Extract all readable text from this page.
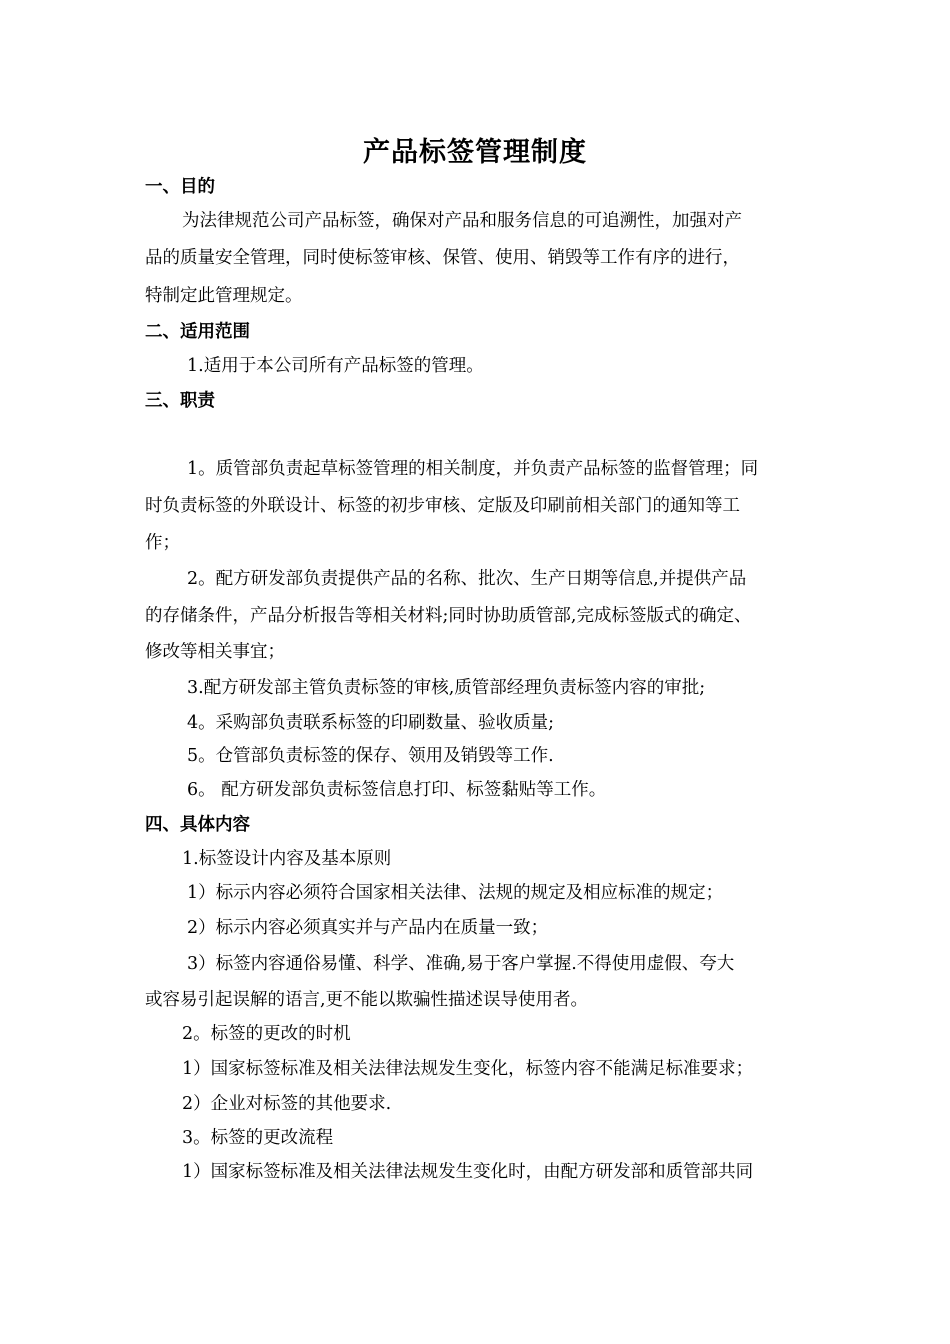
产品标签管理制度
一、目的
为法律规范公司产品标签，确保对产品和服务信息的可追溯性，加强对产
品的质量安全管理，同时使标签审核、保管、使用、销毁等工作有序的进行，
特制定此管理规定。
二、适用范围
1.适用于本公司所有产品标签的管理。
三、职责
1。质管部负责起草标签管理的相关制度，并负责产品标签的监督管理；同
时负责标签的外联设计、标签的初步审核、定版及印刷前相关部门的通知等工
作；
2。配方研发部负责提供产品的名称、批次、生产日期等信息,并提供产品
的存储条件，产品分析报告等相关材料;同时协助质管部,完成标签版式的确定、
修改等相关事宜；
3.配方研发部主管负责标签的审核,质管部经理负责标签内容的审批;
4。采购部负责联系标签的印刷数量、验收质量;
5。仓管部负责标签的保存、领用及销毁等工作.
6。 配方研发部负责标签信息打印、标签黏贴等工作。
四、具体内容
1.标签设计内容及基本原则
1）标示内容必须符合国家相关法律、法规的规定及相应标准的规定；
2）标示内容必须真实并与产品内在质量一致；
3）标签内容通俗易懂、科学、准确,易于客户掌握.不得使用虚假、夸大
或容易引起误解的语言,更不能以欺骗性描述误导使用者。
2。标签的更改的时机
1）国家标签标准及相关法律法规发生变化，标签内容不能满足标准要求；
2）企业对标签的其他要求.
3。标签的更改流程
1）国家标签标准及相关法律法规发生变化时，由配方研发部和质管部共同
